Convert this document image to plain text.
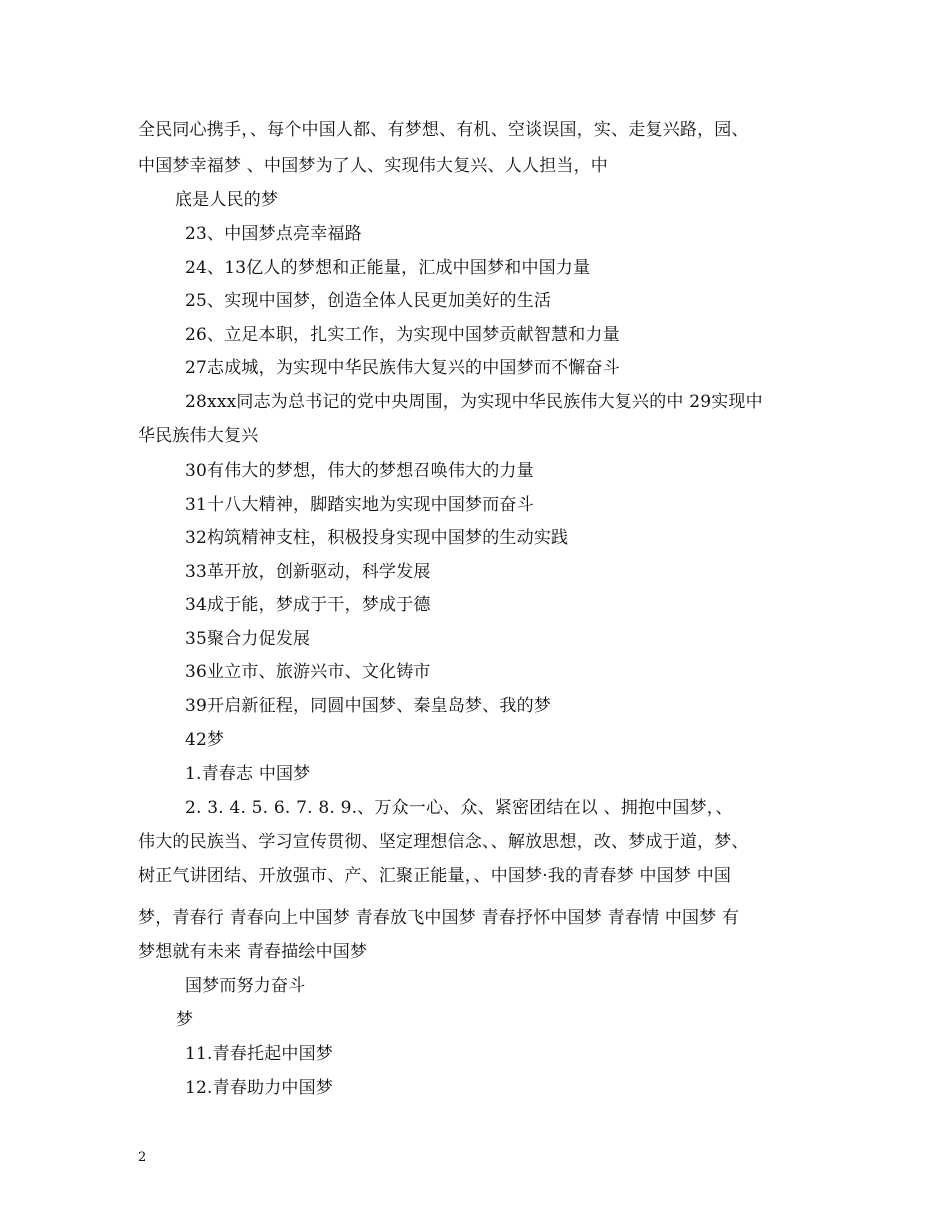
全民同心携手，、每个中国人都、有梦想、有机、空谈误国，实、走复兴路，园、
中国梦幸福梦 、中国梦为了人、实现伟大复兴、人人担当，中
底是人民的梦
23、中国梦点亮幸福路
24、13亿人的梦想和正能量，汇成中国梦和中国力量
25、实现中国梦，创造全体人民更加美好的生活
26、立足本职，扎实工作，为实现中国梦贡献智慧和力量
27志成城，为实现中华民族伟大复兴的中国梦而不懈奋斗
28xxx同志为总书记的党中央周围，为实现中华民族伟大复兴的中 29实现中
华民族伟大复兴
30有伟大的梦想，伟大的梦想召唤伟大的力量
31十八大精神，脚踏实地为实现中国梦而奋斗
32构筑精神支柱，积极投身实现中国梦的生动实践
33革开放，创新驱动，科学发展
34成于能，梦成于干，梦成于德
35聚合力促发展
36业立市、旅游兴市、文化铸市
39开启新征程，同圆中国梦、秦皇岛梦、我的梦
42梦
1.青春志 中国梦
2. 3. 4. 5. 6. 7. 8. 9.、万众一心、众、紧密团结在以 、拥抱中国梦，、
伟大的民族当、学习宣传贯彻、坚定理想信念、、解放思想，改、梦成于道，梦、
树正气讲团结、开放强市、产、汇聚正能量，、中国梦·我的青春梦 中国梦 中国
梦，青春行 青春向上中国梦 青春放飞中国梦 青春抒怀中国梦 青春情 中国梦 有
梦想就有未来 青春描绘中国梦
国梦而努力奋斗
梦
11.青春托起中国梦
12.青春助力中国梦
2
